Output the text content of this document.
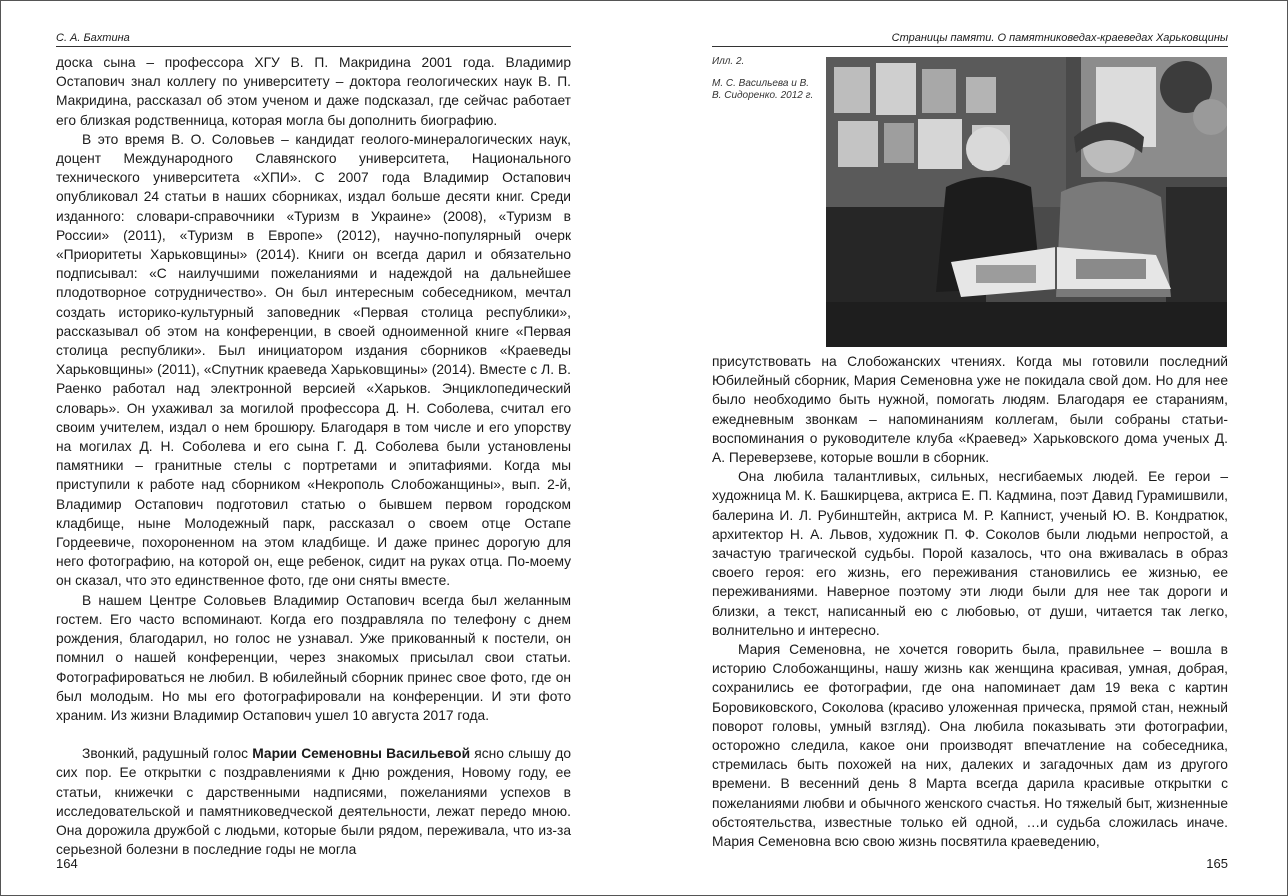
С. А. Бахтина

доска сына – профессора ХГУ В. П. Макридина 2001 года. Владимир Остапович знал коллегу по университету – доктора геологических наук В. П. Макридина, рассказал об этом ученом и даже подсказал, где сейчас работает его близкая родственница, которая могла бы дополнить биографию.

В это время В. О. Соловьев – кандидат геолого-минералогических наук, доцент Международного Славянского университета, Национального технического университета «ХПИ». С 2007 года Владимир Остапович опубликовал 24 статьи в наших сборниках, издал больше десяти книг. Среди изданного: словари-справочники «Туризм в Украине» (2008), «Туризм в России» (2011), «Туризм в Европе» (2012), научно-популярный очерк «Приоритеты Харьковщины» (2014). Книги он всегда дарил и обязательно подписывал: «С наилучшими пожеланиями и надеждой на дальнейшее плодотворное сотрудничество». Он был интересным собеседником, мечтал создать историко-культурный заповедник «Первая столица республики», рассказывал об этом на конференции, в своей одноименной книге «Первая столица республики». Был инициатором издания сборников «Краеведы Харьковщины» (2011), «Спутник краеведа Харьковщины» (2014). Вместе с Л. В. Раенко работал над электронной версией «Харьков. Энциклопедический словарь». Он ухаживал за могилой профессора Д. Н. Соболева, считал его своим учителем, издал о нем брошюру. Благодаря в том числе и его упорству на могилах Д. Н. Соболева и его сына Г. Д. Соболева были установлены памятники – гранитные стелы с портретами и эпитафиями. Когда мы приступили к работе над сборником «Некрополь Слобожанщины», вып. 2-й, Владимир Остапович подготовил статью о бывшем первом городском кладбище, ныне Молодежный парк, рассказал о своем отце Остапе Гордеевиче, похороненном на этом кладбище. И даже принес дорогую для него фотографию, на которой он, еще ребенок, сидит на руках отца. По-моему он сказал, что это единственное фото, где они сняты вместе.

В нашем Центре Соловьев Владимир Остапович всегда был желанным гостем. Его часто вспоминают. Когда его поздравляла по телефону с днем рождения, благодарил, но голос не узнавал. Уже прикованный к постели, он помнил о нашей конференции, через знакомых присылал свои статьи. Фотографироваться не любил. В юбилейный сборник принес свое фото, где он был молодым. Но мы его фотографировали на конференции. И эти фото храним. Из жизни Владимир Остапович ушел 10 августа 2017 года.

Звонкий, радушный голос Марии Семеновны Васильевой ясно слышу до сих пор. Ее открытки с поздравлениями к Дню рождения, Новому году, ее статьи, книжечки с дарственными надписями, пожеланиями успехов в исследовательской и памятниковедческой деятельности, лежат передо мною. Она дорожила дружбой с людьми, которые были рядом, переживала, что из-за серьезной болезни в последние годы не могла

164
Страницы памяти. О памятниковедах-краеведах Харьковщины
Илл. 2.
М. С. Васильева и В. В. Сидоренко. 2012 г.

присутствовать на Слобожанских чтениях. Когда мы готовили последний Юбилейный сборник, Мария Семеновна уже не покидала свой дом. Но для нее было необходимо быть нужной, помогать людям. Благодаря ее стараниям, ежедневным звонкам – напоминаниям коллегам, были собраны статьи-воспоминания о руководителе клуба «Краевед» Харьковского дома ученых Д. А. Переверзеве, которые вошли в сборник.

Она любила талантливых, сильных, несгибаемых людей. Ее герои – художница М. К. Башкирцева, актриса Е. П. Кадмина, поэт Давид Гурамишвили, балерина И. Л. Рубинштейн, актриса М. Р. Капнист, ученый Ю. В. Кондратюк, архитектор Н. А. Львов, художник П. Ф. Соколов были людьми непростой, а зачастую трагической судьбы. Порой казалось, что она вживалась в образ своего героя: его жизнь, его переживания становились ее жизнью, ее переживаниями. Наверное поэтому эти люди были для нее так дороги и близки, а текст, написанный ею с любовью, от души, читается так легко, волнительно и интересно.

Мария Семеновна, не хочется говорить была, правильнее – вошла в историю Слобожанщины, нашу жизнь как женщина красивая, умная, добрая, сохранились ее фотографии, где она напоминает дам 19 века с картин Боровиковского, Соколова (красиво уложенная прическа, прямой стан, нежный поворот головы, умный взгляд). Она любила показывать эти фотографии, осторожно следила, какое они производят впечатление на собеседника, стремилась быть похожей на них, далеких и загадочных дам из другого времени. В весенний день 8 Марта всегда дарила красивые открытки с пожеланиями любви и обычного женского счастья. Но тяжелый быт, жизненные обстоятельства, известные только ей одной, …и судьба сложилась иначе. Мария Семеновна всю свою жизнь посвятила краеведению,

165
